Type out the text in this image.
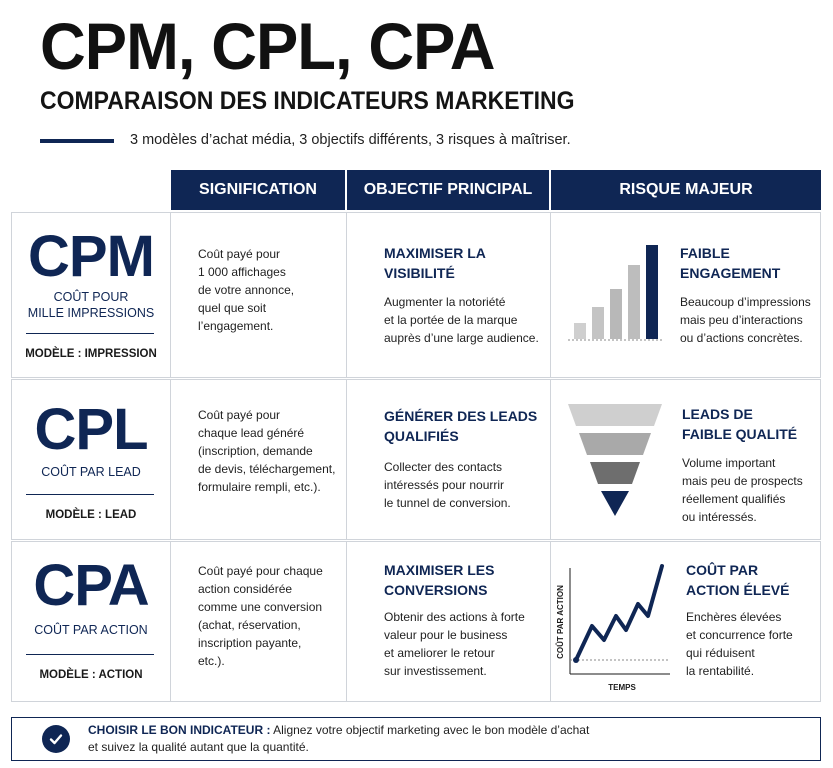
CPM, CPL, CPA
COMPARAISON DES INDICATEURS MARKETING
3 modèles d’achat média, 3 objectifs différents, 3 risques à maîtriser.
SIGNIFICATION	OBJECTIF PRINCIPAL	RISQUE MAJEUR
CPM
COÛT POUR
MILLE IMPRESSIONS
MODÈLE : IMPRESSION
Coût payé pour
1 000 affichages
de votre annonce,
quel que soit
l’engagement.
MAXIMISER LA
VISIBILITÉ
Augmenter la notoriété
et la portée de la marque
auprès d’une large audience.
FAIBLE
ENGAGEMENT
Beaucoup d’impressions
mais peu d’interactions
ou d’actions concrètes.
CPL
COÛT PAR LEAD
MODÈLE : LEAD
Coût payé pour
chaque lead généré
(inscription, demande
de devis, téléchargement,
formulaire rempli, etc.).
GÉNÉRER DES LEADS
QUALIFIÉS
Collecter des contacts
intéressés pour nourrir
le tunnel de conversion.
LEADS DE
FAIBLE QUALITÉ
Volume important
mais peu de prospects
réellement qualifiés
ou intéressés.
CPA
COÛT PAR ACTION
MODÈLE : ACTION
Coût payé pour chaque
action considérée
comme une conversion
(achat, réservation,
inscription payante,
etc.).
MAXIMISER LES
CONVERSIONS
Obtenir des actions à forte
valeur pour le business
et ameliorer le retour
sur investissement.
COÛT PAR ACTION
TEMPS
COÛT PAR
ACTION ÉLEVÉ
Enchères élevées
et concurrence forte
qui réduisent
la rentabilité.
CHOISIR LE BON INDICATEUR : Alignez votre objectif marketing avec le bon modèle d’achat
et suivez la qualité autant que la quantité.
